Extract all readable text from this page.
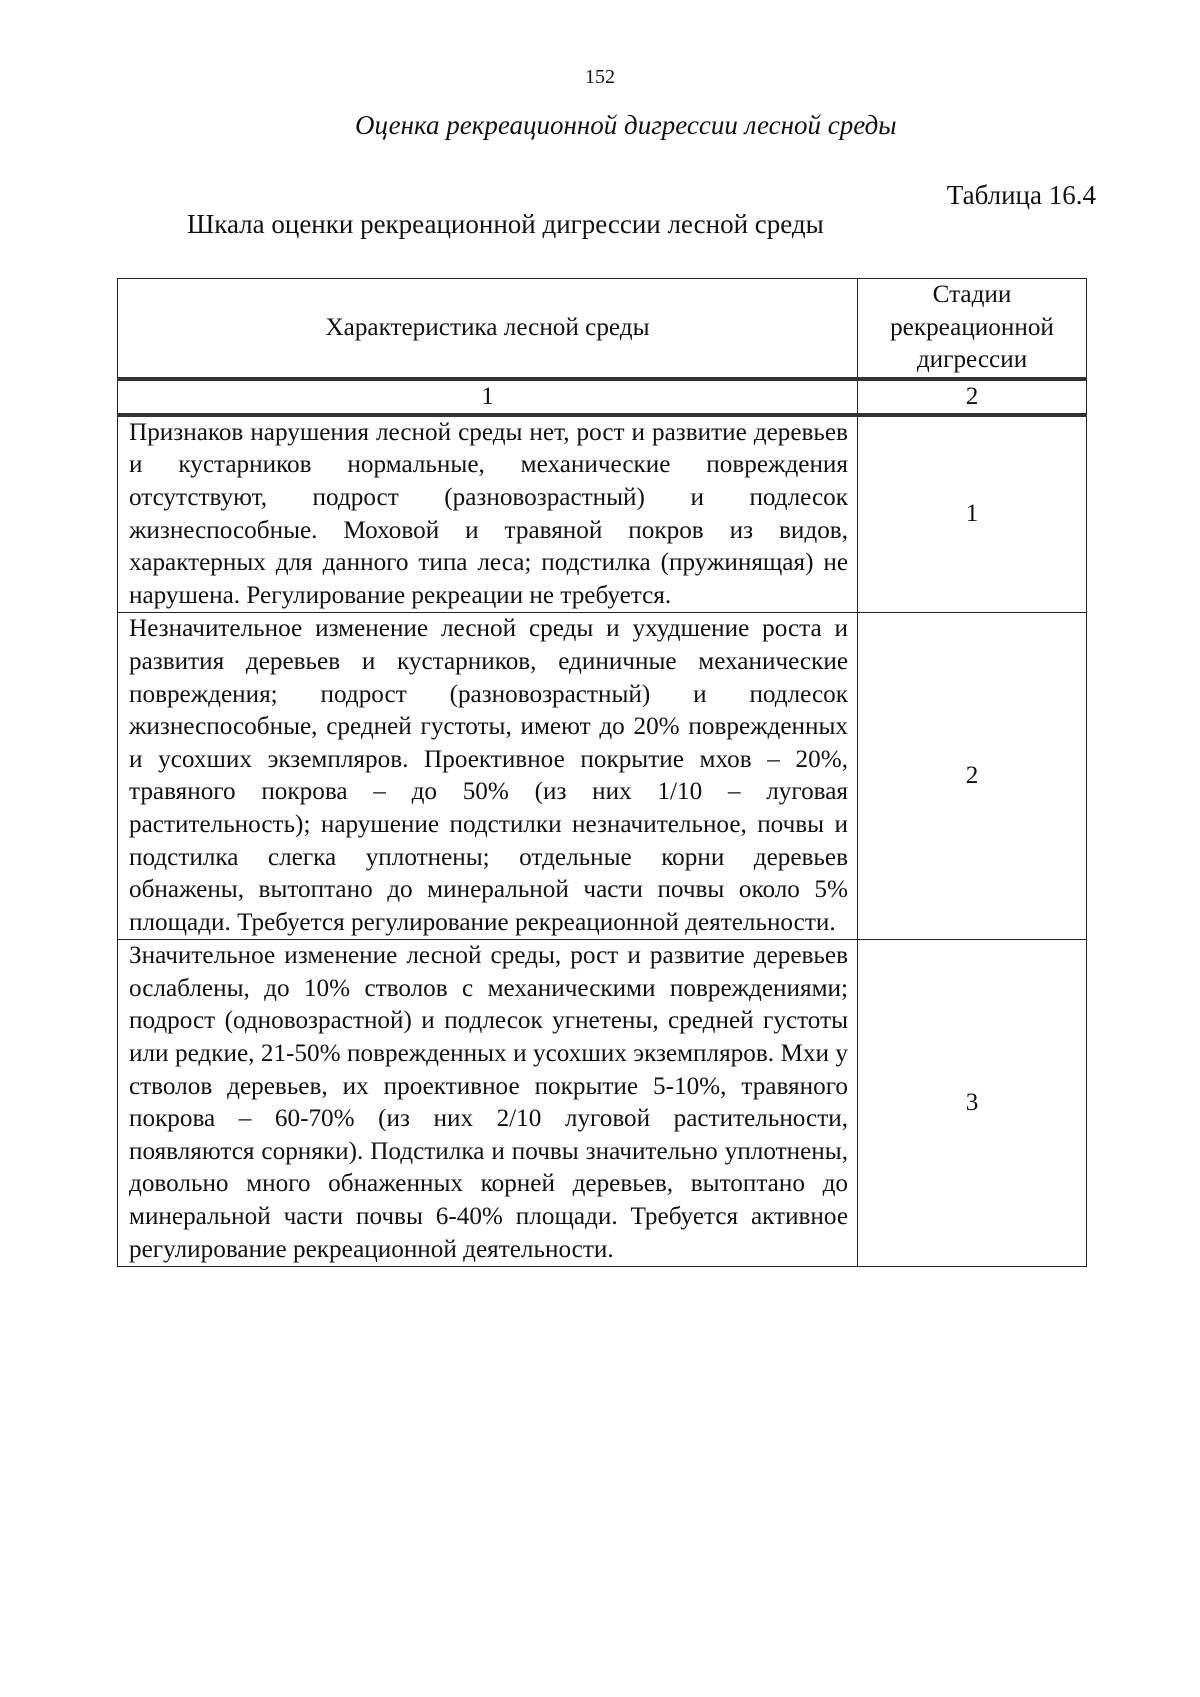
152
Оценка рекреационной дигрессии лесной среды
Таблица 16.4
Шкала оценки рекреационной дигрессии лесной среды
Характеристика лесной среды	Стадии рекреационной дигрессии
1	2
Признаков нарушения лесной среды нет, рост и развитие деревьев и кустарников нормальные, механические повреждения отсутствуют, подрост (разновозрастный) и подлесок жизнеспособные. Моховой и травяной покров из видов, характерных для данного типа леса; подстилка (пружинящая) не нарушена. Регулирование рекреации не требуется.	1
Незначительное изменение лесной среды и ухудшение роста и развития деревьев и кустарников, единичные механические повреждения; подрост (разновозрастный) и подлесок жизнеспособные, средней густоты, имеют до 20% поврежденных и усохших экземпляров. Проективное покрытие мхов – 20%, травяного покрова – до 50% (из них 1/10 – луговая растительность); нарушение подстилки незначительное, почвы и подстилка слегка уплотнены; отдельные корни деревьев обнажены, вытоптано до минеральной части почвы около 5% площади. Требуется регулирование рекреационной деятельности.	2
Значительное изменение лесной среды, рост и развитие деревьев ослаблены, до 10% стволов с механическими повреждениями; подрост (одновозрастной) и подлесок угнетены, средней густоты или редкие, 21-50% поврежденных и усохших экземпляров. Мхи у стволов деревьев, их проективное покрытие 5-10%, травяного покрова – 60-70% (из них 2/10 луговой растительности, появляются сорняки). Подстилка и почвы значительно уплотнены, довольно много обнаженных корней деревьев, вытоптано до минеральной части почвы 6-40% площади. Требуется активное регулирование рекреационной деятельности.	3
